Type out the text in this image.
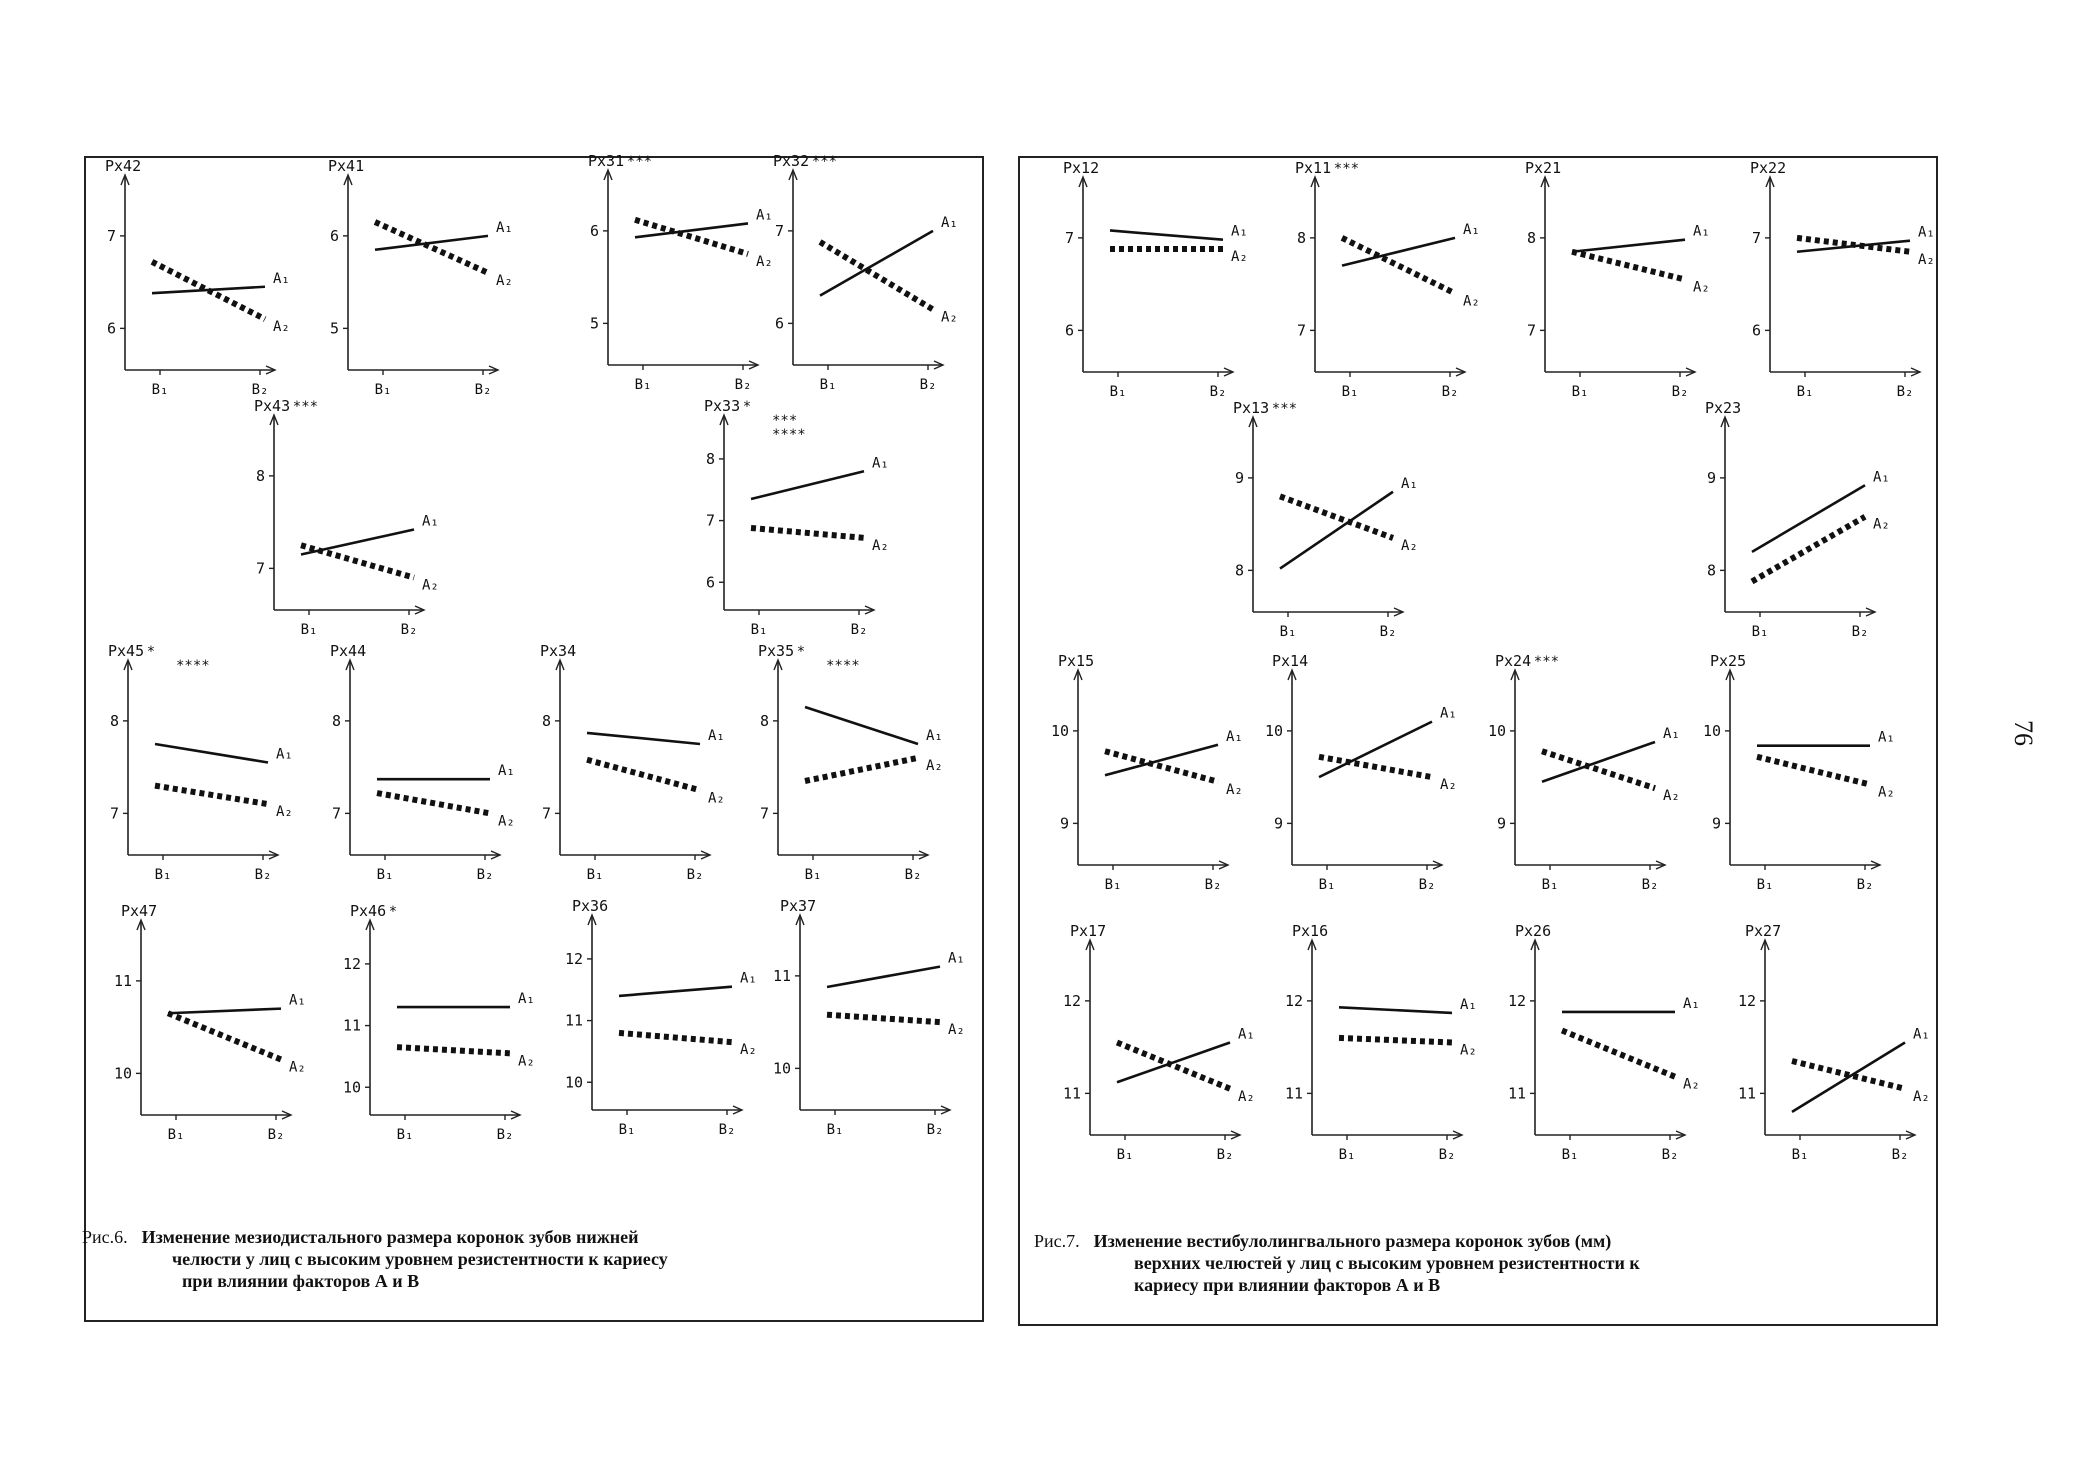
Px42
6
7
B₁	B₂
A₁
A₂
Px41
5
6
B₁	B₂
A₁
A₂
Px31 ***
5
6
B₁	B₂
A₁
A₂
Px32 ***
6
7
B₁	B₂
A₁
A₂
Px43 ***
7
8
B₁	B₂
A₁
A₂
Px33 *
***
****
6
7
8
B₁	B₂
A₁
A₂
Px45 *
****
7
8
B₁	B₂
A₁
A₂
Px44
7
8
B₁	B₂
A₁
A₂
Px34
7
8
B₁	B₂
A₁
A₂
Px35 *
****
7
8
B₁	B₂
A₁
A₂
Px47
10
11
B₁	B₂
A₁
A₂
Px46 *
10
11
12
B₁	B₂
A₁
A₂
Px36
10
11
12
B₁	B₂
A₁
A₂
Px37
10
11
B₁	B₂
A₁
A₂
Px12
6
7
B₁	B₂
A₁
A₂
Px11 ***
7
8
B₁	B₂
A₁
A₂
Px21
7
8
B₁	B₂
A₁
A₂
Px22
6
7
B₁	B₂
A₁
A₂
Px13 ***
8
9
B₁	B₂
A₁
A₂
Px23
8
9
B₁	B₂
A₁
A₂
Px15
9
10
B₁	B₂
A₁
A₂
Px14
9
10
B₁	B₂
A₁
A₂
Px24 ***
9
10
B₁	B₂
A₁
A₂
Px25
9
10
B₁	B₂
A₁
A₂
Px17
11
12
B₁	B₂
A₁
A₂
Px16
11
12
B₁	B₂
A₁
A₂
Px26
11
12
B₁	B₂
A₁
A₂
Px27
11
12
B₁	B₂
A₁
A₂
Рис.6. Изменение мезиодистального размера коронок зубов нижней
челюсти у лиц с высоким уровнем резистентности к кариесу
при влиянии факторов А и В
Рис.7. Изменение вестибулолингвального размера коронок зубов (мм)
верхних челюстей у лиц с высоким уровнем резистентности к
кариесу при влиянии факторов А и В
76
